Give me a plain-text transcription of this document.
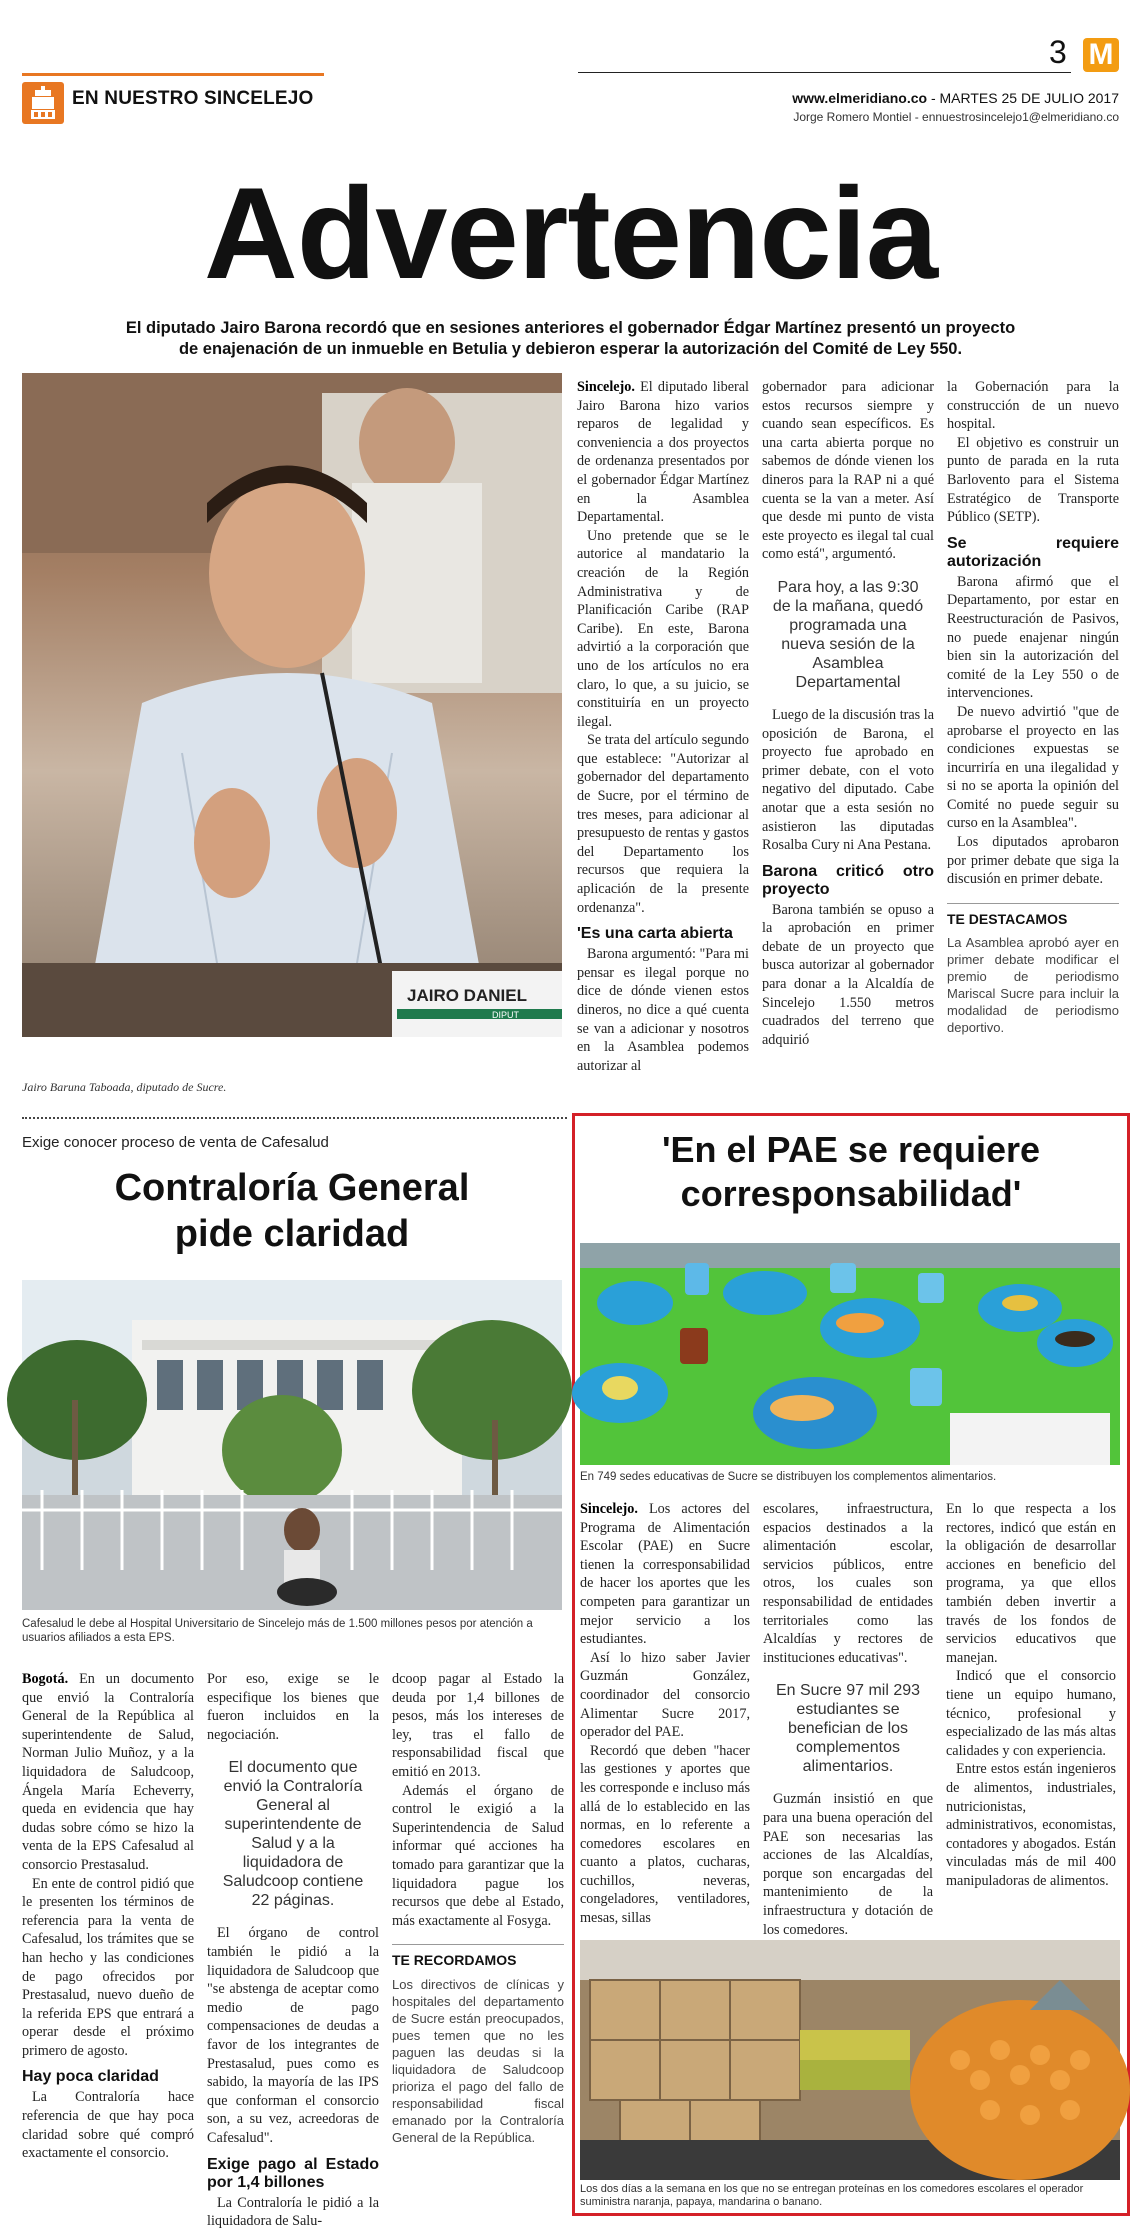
EN NUESTRO SINCELEJO
3 M
www.elmeridiano.co - MARTES 25 DE JULIO 2017
Jorge Romero Montiel - ennuestrosincelejo1@elmeridiano.co
Advertencia
El diputado Jairo Barona recordó que en sesiones anteriores el gobernador Édgar Martínez presentó un proyecto
de enajenación de un inmueble en Betulia y debieron esperar la autorización del Comité de Ley 550.
JAIRO DANIEL
DIPUT
Jairo Baruna Taboada, diputado de Sucre.

Sincelejo. El diputado liberal Jairo Barona hizo varios reparos de legalidad y conveniencia a dos proyectos de ordenanza presentados por el gobernador Édgar Martínez en la Asamblea Departamental.

Uno pretende que se le autorice al mandatario la creación de la Región Administrativa y de Planificación Caribe (RAP Caribe). En este, Barona advirtió a la corporación que uno de los artículos no era claro, lo que, a su juicio, se constituiría en un proyecto ilegal.

Se trata del artículo segundo que establece: "Autorizar al gobernador del departamento de Sucre, por el término de tres meses, para adicionar al presupuesto de rentas y gastos del Departamento los recursos que requiera la aplicación de la presente ordenanza".

'Es una carta abierta

Barona argumentó: "Para mi pensar es ilegal porque no dice de dónde vienen estos dineros, no dice a qué cuenta se van a adicionar y nosotros en la Asamblea podemos autorizar al

gobernador para adicionar estos recursos siempre y cuando sean específicos. Es una carta abierta porque no sabemos de dónde vienen los dineros para la RAP ni a qué cuenta se la van a meter. Así que desde mi punto de vista este proyecto es ilegal tal cual como está", argumentó.

Para hoy, a las 9:30 de la mañana, quedó programada una nueva sesión de la Asamblea Departamental

Luego de la discusión tras la oposición de Barona, el proyecto fue aprobado en primer debate, con el voto negativo del diputado. Cabe anotar que a esta sesión no asistieron las diputadas Rosalba Cury ni Ana Pestana.

Barona criticó otro proyecto

Barona también se opuso a la aprobación en primer debate de un proyecto que busca autorizar al gobernador para donar a la Alcaldía de Sincelejo 1.550 metros cuadrados del terreno que adquirió

la Gobernación para la construcción de un nuevo hospital.

El objetivo es construir un punto de parada en la ruta Barlovento para el Sistema Estratégico de Transporte Público (SETP).

Se requiere autorización

Barona afirmó que el Departamento, por estar en Reestructuración de Pasivos, no puede enajenar ningún bien sin la autorización del comité de la Ley 550 o de intervenciones.

De nuevo advirtió "que de aprobarse el proyecto en las condiciones expuestas se incurriría en una ilegalidad y si no se aporta la opinión del Comité no puede seguir su curso en la Asamblea".

Los diputados aprobaron por primer debate que siga la discusión en primer debate.

TE DESTACAMOS
La Asamblea aprobó ayer en primer debate modificar el premio de periodismo Mariscal Sucre para incluir la modalidad de periodismo deportivo.
Exige conocer proceso de venta de Cafesalud
Contraloría General
pide claridad
Cafesalud le debe al Hospital Universitario de Sincelejo más de 1.500 millones pesos por atención a usuarios afiliados a esta EPS.

Bogotá. En un documento que envió la Contraloría General de la República al superintendente de Salud, Norman Julio Muñoz, y a la liquidadora de Saludcoop, Ángela María Echeverry, queda en evidencia que hay dudas sobre cómo se hizo la venta de la EPS Cafesalud al consorcio Prestasalud.

En ente de control pidió que le presenten los términos de referencia para la venta de Cafesalud, los trámites que se han hecho y las condiciones de pago ofrecidos por Prestasalud, nuevo dueño de la referida EPS que entrará a operar desde el próximo primero de agosto.

Hay poca claridad

La Contraloría hace referencia de que hay poca claridad sobre qué compró exactamente el consorcio.

Por eso, exige se le especifique los bienes que fueron incluidos en la negociación.

El documento que envió la Contraloría General al superintendente de Salud y a la liquidadora de Saludcoop contiene 22 páginas.

El órgano de control también le pidió a la liquidadora de Saludcoop que "se abstenga de aceptar como medio de pago compensaciones de deudas a favor de los integrantes de Prestasalud, pues como es sabido, la mayoría de las IPS que conforman el consorcio son, a su vez, acreedoras de Cafesalud".

Exige pago al Estado por 1,4 billones

La Contraloría le pidió a la liquidadora de Salu-

dcoop pagar al Estado la deuda por 1,4 billones de pesos, más los intereses de ley, tras el fallo de responsabilidad fiscal que emitió en 2013.

Además el órgano de control le exigió a la Superintendencia de Salud informar qué acciones ha tomado para garantizar que la liquidadora pague los recursos que debe al Estado, más exactamente al Fosyga.

TE RECORDAMOS
Los directivos de clínicas y hospitales del departamento de Sucre están preocupados, pues temen que no les paguen las deudas si la liquidadora de Saludcoop prioriza el pago del fallo de responsabilidad fiscal emanado por la Contraloría General de la República.
'En el PAE se requiere
corresponsabilidad'
En 749 sedes educativas de Sucre se distribuyen los complementos alimentarios.

Sincelejo. Los actores del Programa de Alimentación Escolar (PAE) en Sucre tienen la corresponsabilidad de hacer los aportes que les competen para garantizar un mejor servicio a los estudiantes.

Así lo hizo saber Javier Guzmán González, coordinador del consorcio Alimentar Sucre 2017, operador del PAE.

Recordó que deben "hacer las gestiones y aportes que les corresponde e incluso más allá de lo establecido en las normas, en lo referente a comedores escolares en cuanto a platos, cucharas, cuchillos, neveras, congeladores, ventiladores, mesas, sillas

escolares, infraestructura, espacios destinados a la alimentación escolar, servicios públicos, entre otros, los cuales son responsabilidad de entidades territoriales como las Alcaldías y rectores de instituciones educativas".

En Sucre 97 mil 293 estudiantes se benefician de los complementos alimentarios.

Guzmán insistió en que para una buena operación del PAE son necesarias las acciones de las Alcaldías, porque son encargadas del mantenimiento de la infraestructura y dotación de los comedores.

En lo que respecta a los rectores, indicó que están en la obligación de desarrollar acciones en beneficio del programa, ya que ellos también deben invertir a través de los fondos de servicios educativos que manejan.

Indicó que el consorcio tiene un equipo humano, técnico, profesional y especializado de las más altas calidades y con experiencia.

Entre estos están ingenieros de alimentos, industriales, nutricionistas, administrativos, economistas, contadores y abogados. Están vinculadas más de mil 400 manipuladoras de alimentos.

Los dos días a la semana en los que no se entregan proteínas en los comedores escolares el operador suministra naranja, papaya, mandarina o banano.
